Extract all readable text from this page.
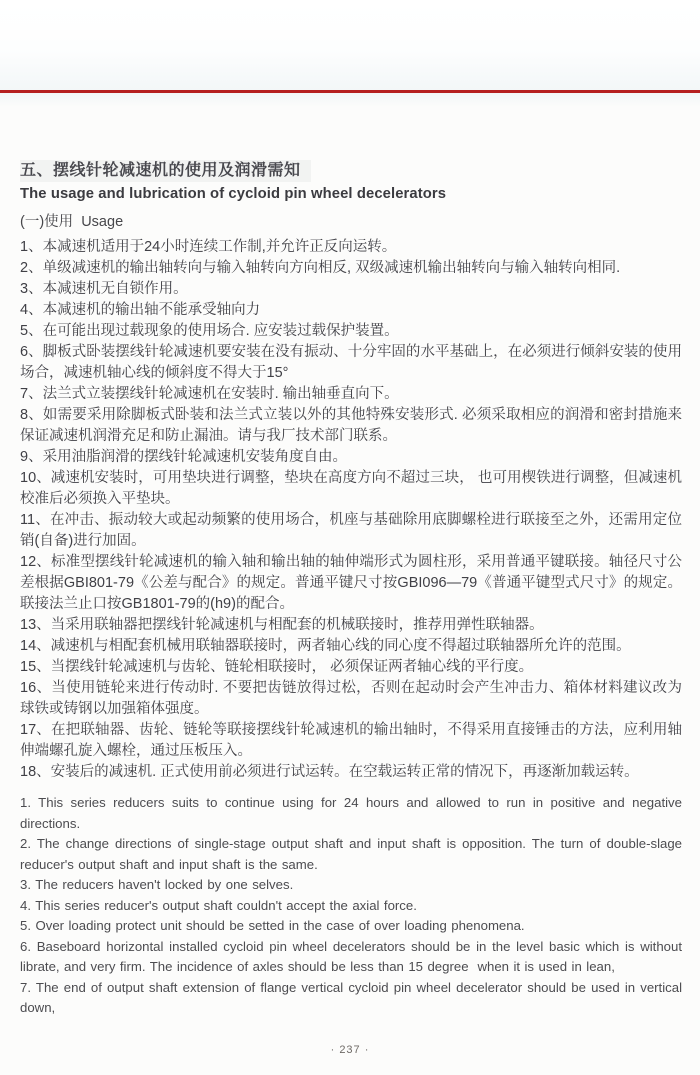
五、摆线针轮减速机的使用及润滑需知
The usage and lubrication of cycloid pin wheel decelerators
(一)使用  Usage

1、本减速机适用于24小时连续工作制,并允许正反向运转。

2、单级减速机的输出轴转向与输入轴转向方向相反, 双级减速机输出轴转向与输入轴转向相同.

3、本减速机无自锁作用。

4、本减速机的输出轴不能承受轴向力

5、在可能出现过载现象的使用场合. 应安装过载保护装置。

6、脚板式卧装摆线针轮减速机要安装在没有振动、十分牢固的水平基础上，在必须进行倾斜安装的使用场合，减速机轴心线的倾斜度不得大于15°

7、法兰式立装摆线针轮减速机在安装时. 输出轴垂直向下。

8、如需要采用除脚板式卧装和法兰式立装以外的其他特殊安装形式. 必须采取相应的润滑和密封措施来保证减速机润滑充足和防止漏油。请与我厂技术部门联系。

9、采用油脂润滑的摆线针轮减速机安装角度自由。

10、减速机安装时，可用垫块进行调整，垫块在高度方向不超过三块， 也可用楔铁进行调整，但减速机校准后必须换入平垫块。

11、在冲击、振动较大或起动频繁的使用场合，机座与基础除用底脚螺栓进行联接至之外，还需用定位销(自备)进行加固。

12、标准型摆线针轮减速机的输入轴和输出轴的轴伸端形式为圆柱形，采用普通平键联接。轴径尺寸公差根据GBI801-79《公差与配合》的规定。普通平键尺寸按GBI096—79《普通平键型式尺寸》的规定。联接法兰止口按GB1801-79的(h9)的配合。

13、当采用联轴器把摆线针轮减速机与相配套的机械联接时，推荐用弹性联轴器。

14、减速机与相配套机械用联轴器联接时，两者轴心线的同心度不得超过联轴器所允许的范围。

15、当摆线针轮减速机与齿轮、链轮相联接时， 必须保证两者轴心线的平行度。

16、当使用链轮来进行传动时. 不要把齿链放得过松，否则在起动时会产生冲击力、箱体材料建议改为球铁或铸钢以加强箱体强度。

17、在把联轴器、齿轮、链轮等联接摆线针轮减速机的输出轴时，不得采用直接锤击的方法，应利用轴伸端螺孔旋入螺栓，通过压板压入。

18、安装后的减速机. 正式使用前必须进行试运转。在空载运转正常的情况下，再逐渐加载运转。

1. This series reducers suits to continue using for 24 hours and allowed to run in positive and negative directions.

2. The change directions of single-stage output shaft and input shaft is opposition. The turn of double-slage reducer's output shaft and input shaft is the same.

3. The reducers haven't locked by one selves.

4. This series reducer's output shaft couldn't accept the axial force.

5. Over loading protect unit should be setted in the case of over loading phenomena.

6. Baseboard horizontal installed cycloid pin wheel decelerators should be in the level basic which is without librate, and very firm. The incidence of axles should be less than 15 degree  when it is used in lean,

7. The end of output shaft extension of flange vertical cycloid pin wheel decelerator should be used in vertical down,

· 237 ·
